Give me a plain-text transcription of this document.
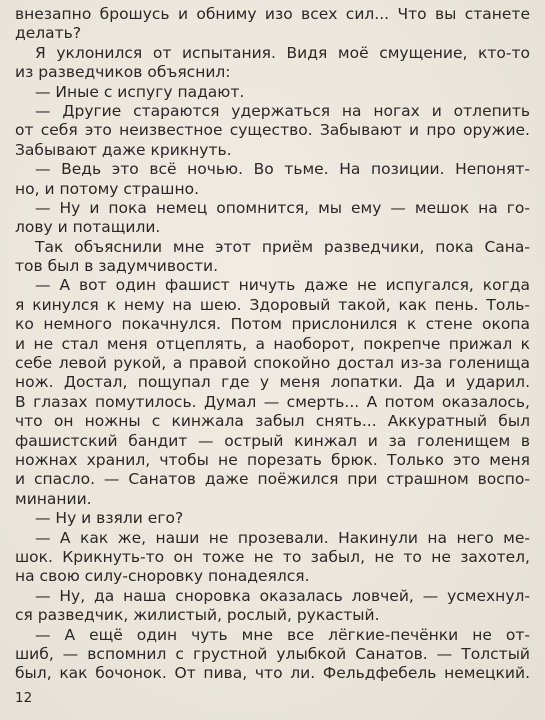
внезапно брошусь и обниму изо всех сил... Что вы станете
делать?
Я уклонился от испытания. Видя моё смущение, кто-то
из разведчиков объяснил:
— Иные с испугу падают.
— Другие стараются удержаться на ногах и отлепить
от себя это неизвестное существо. Забывают и про оружие.
Забывают даже крикнуть.
— Ведь это всё ночью. Во тьме. На позиции. Непонят-
но, и потому страшно.
— Ну и пока немец опомнится, мы ему — мешок на го-
лову и потащили.
Так объяснили мне этот приём разведчики, пока Сана-
тов был в задумчивости.
— А вот один фашист ничуть даже не испугался, когда
я кинулся к нему на шею. Здоровый такой, как пень. Толь-
ко немного покачнулся. Потом прислонился к стене окопа
и не стал меня отцеплять, а наоборот, покрепче прижал к
себе левой рукой, а правой спокойно достал из-за голенища
нож. Достал, пощупал где у меня лопатки. Да и ударил.
В глазах помутилось. Думал — смерть... А потом оказалось,
что он ножны с кинжала забыл снять... Аккуратный был
фашистский бандит — острый кинжал и за голенищем в
ножнах хранил, чтобы не порезать брюк. Только это меня
и спасло. — Санатов даже поёжился при страшном воспо-
минании.
— Ну и взяли его?
— А как же, наши не прозевали. Накинули на него ме-
шок. Крикнуть-то он тоже не то забыл, не то не захотел,
на свою силу-сноровку понадеялся.
— Ну, да наша сноровка оказалась ловчей, — усмехнул-
ся разведчик, жилистый, рослый, рукастый.
— А ещё один чуть мне все лёгкие-печёнки не от-
шиб, — вспомнил с грустной улыбкой Санатов. — Толстый
был, как бочонок. От пива, что ли. Фельдфебель немецкий.
12
